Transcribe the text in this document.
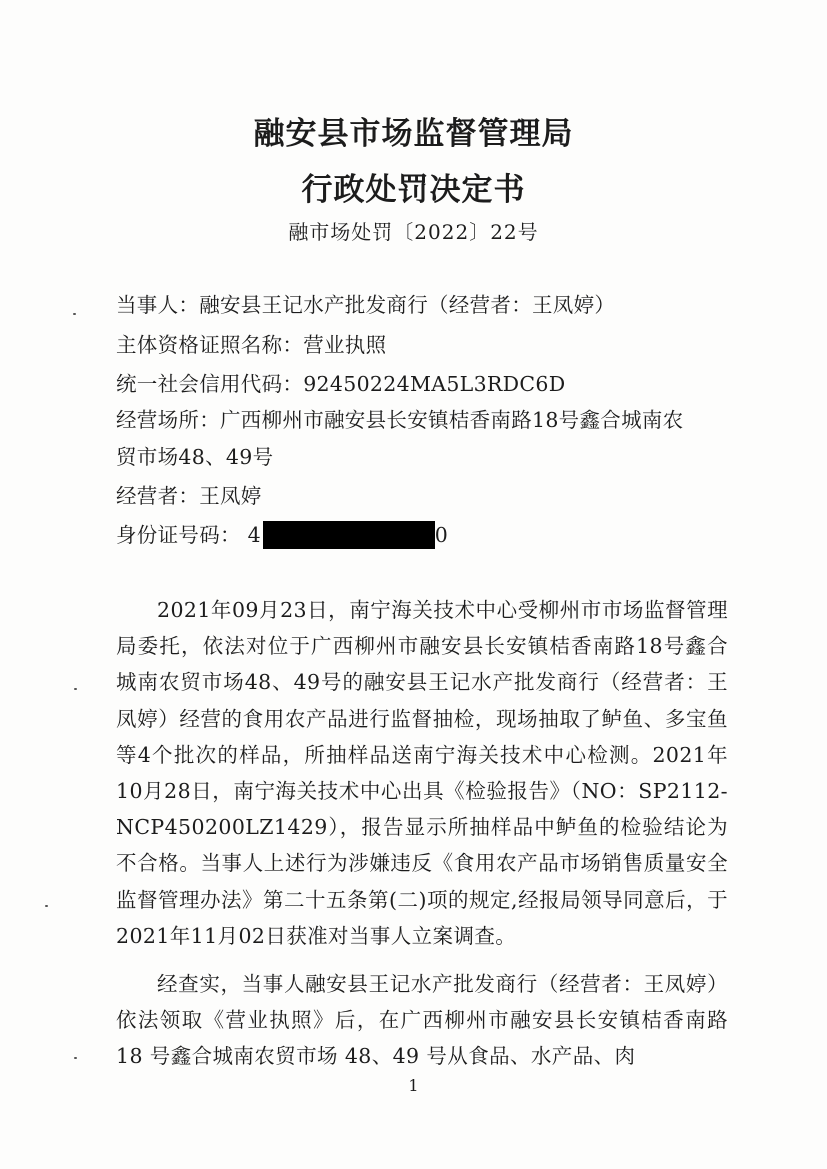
融安县市场监督管理局
行政处罚决定书
融市场处罚〔2022〕22号
当事人：融安县王记水产批发商行（经营者：王凤婷）
主体资格证照名称：营业执照
统一社会信用代码：92450224MA5L3RDC6D
经营场所：广西柳州市融安县长安镇桔香南路18号鑫合城南农
贸市场48、49号
经营者：王凤婷
身份证号码： 4	0
2021年09月23日，南宁海关技术中心受柳州市市场监督管理局委托，依法对位于广西柳州市融安县长安镇桔香南路18号鑫合城南农贸市场48、49号的融安县王记水产批发商行（经营者：王凤婷）经营的食用农产品进行监督抽检，现场抽取了鲈鱼、多宝鱼等4个批次的样品，所抽样品送南宁海关技术中心检测。2021年10月28日，南宁海关技术中心出具《检验报告》（NO：SP2112-NCP450200LZ1429），报告显示所抽样品中鲈鱼的检验结论为不合格。当事人上述行为涉嫌违反《食用农产品市场销售质量安全监督管理办法》第二十五条第(二)项的规定,经报局领导同意后，于2021年11月02日获准对当事人立案调查。
经查实，当事人融安县王记水产批发商行（经营者：王凤婷）依法领取《营业执照》后，在广西柳州市融安县长安镇桔香南路 18 号鑫合城南农贸市场 48、49 号从食品、水产品、肉
1
